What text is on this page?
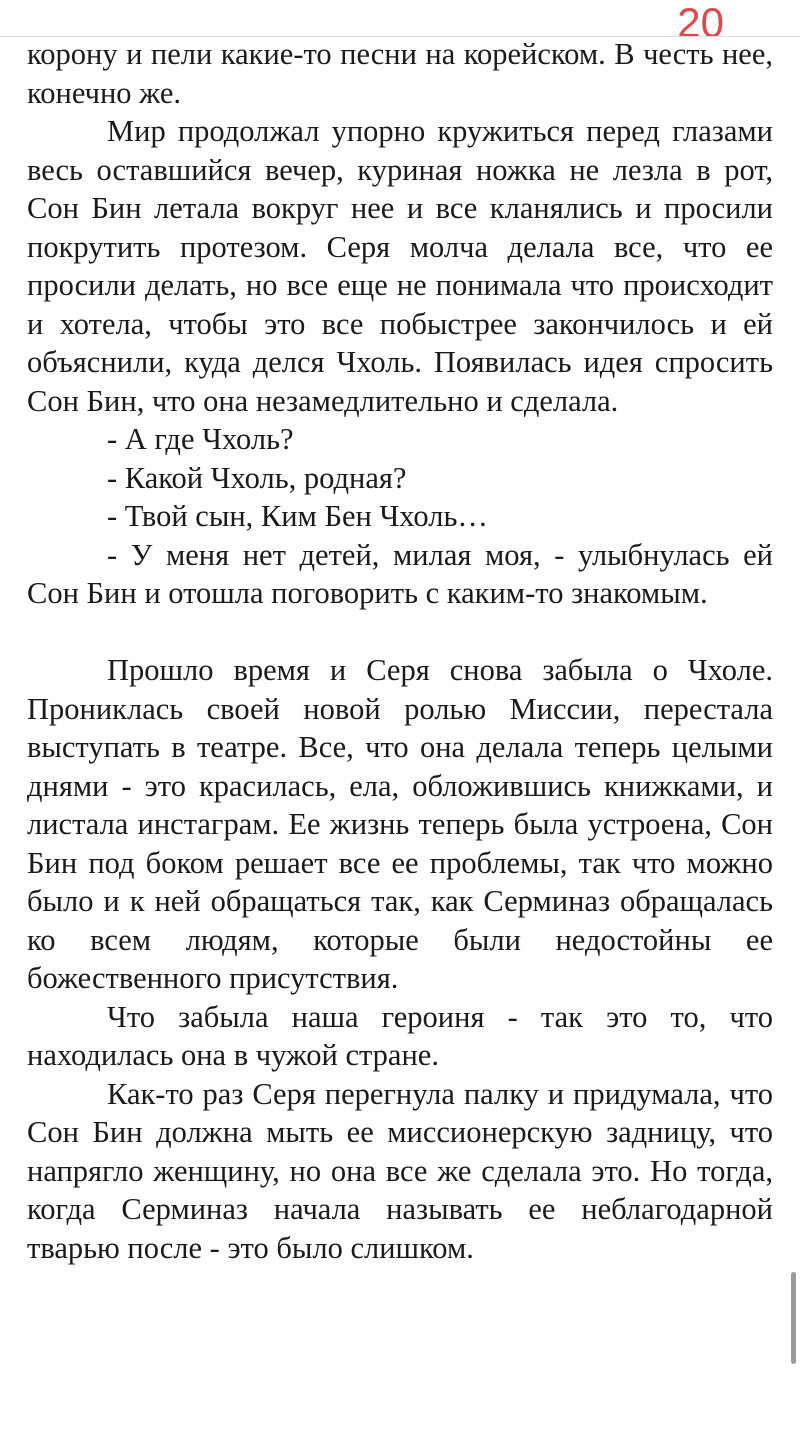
20

корону и пели какие-то песни на корейском. В честь нее, конечно же.

Мир продолжал упорно кружиться перед глазами весь оставшийся вечер, куриная ножка не лезла в рот, Сон Бин летала вокруг нее и все кланялись и просили покрутить протезом. Серя молча делала все, что ее просили делать, но все еще не понимала что происходит и хотела, чтобы это все побыстрее закончилось и ей объяснили, куда делся Чхоль. Появилась идея спросить Сон Бин, что она незамедлительно и сделала.

- А где Чхоль?

- Какой Чхоль, родная?

- Твой сын, Ким Бен Чхоль…

- У меня нет детей, милая моя, - улыбнулась ей Сон Бин и отошла поговорить с каким-то знакомым.

Прошло время и Серя снова забыла о Чхоле. Прониклась своей новой ролью Миссии, перестала выступать в театре. Все, что она делала теперь целыми днями - это красилась, ела, обложившись книжками, и листала инстаграм. Ее жизнь теперь была устроена, Сон Бин под боком решает все ее проблемы, так что можно было и к ней обращаться так, как Серминаз обращалась ко всем людям, которые были недостойны ее божественного присутствия.

Что забыла наша героиня - так это то, что находилась она в чужой стране.

Как-то раз Серя перегнула палку и придумала, что Сон Бин должна мыть ее миссионерскую задницу, что напрягло женщину, но она все же сделала это. Но тогда, когда Серминаз начала называть ее неблагодарной тварью после - это было слишком.
